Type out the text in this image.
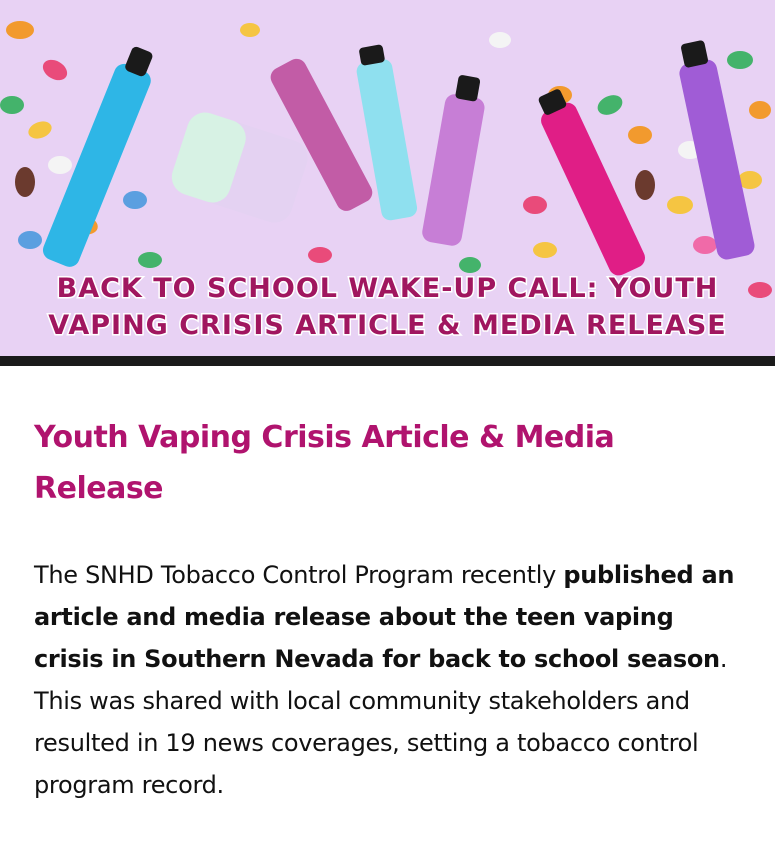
BACK TO SCHOOL WAKE-UP CALL: YOUTH
VAPING CRISIS ARTICLE & MEDIA RELEASE
Youth Vaping Crisis Article & Media Release

The SNHD Tobacco Control Program recently published an article and media release about the teen vaping crisis in Southern Nevada for back to school season. This was shared with local community stakeholders and resulted in 19 news coverages, setting a tobacco control program record.
